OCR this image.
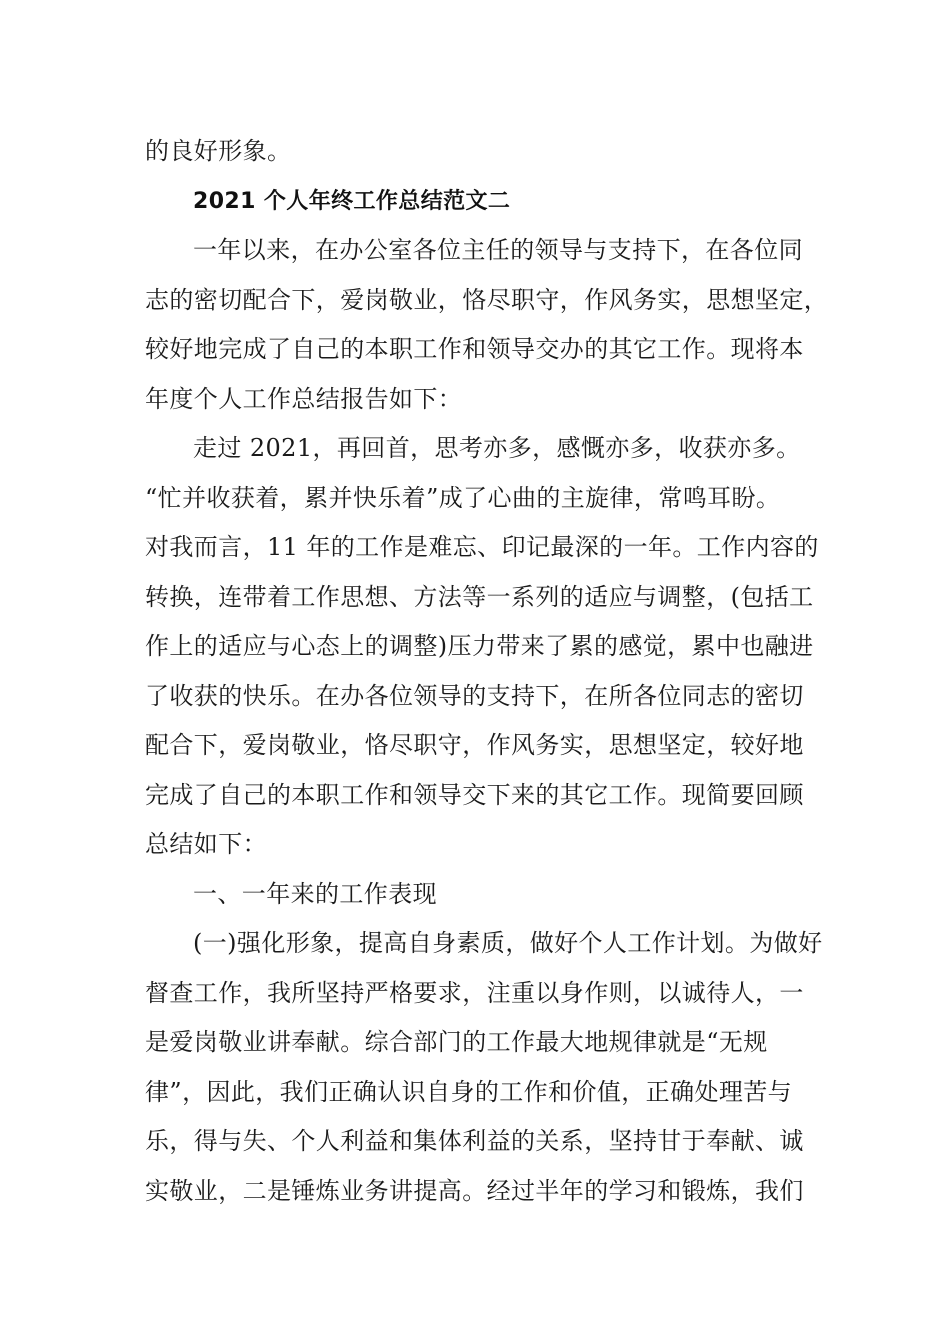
的良好形象。
2021 个人年终工作总结范文二
一年以来，在办公室各位主任的领导与支持下，在各位同
志的密切配合下，爱岗敬业，恪尽职守，作风务实，思想坚定，
较好地完成了自己的本职工作和领导交办的其它工作。现将本
年度个人工作总结报告如下：
走过 2021，再回首，思考亦多，感慨亦多，收获亦多。
“忙并收获着，累并快乐着”成了心曲的主旋律，常鸣耳盼。
对我而言，11 年的工作是难忘、印记最深的一年。工作内容的
转换，连带着工作思想、方法等一系列的适应与调整，(包括工
作上的适应与心态上的调整)压力带来了累的感觉，累中也融进
了收获的快乐。在办各位领导的支持下，在所各位同志的密切
配合下，爱岗敬业，恪尽职守，作风务实，思想坚定，较好地
完成了自己的本职工作和领导交下来的其它工作。现简要回顾
总结如下：
一、一年来的工作表现
(一)强化形象，提高自身素质，做好个人工作计划。为做好
督查工作，我所坚持严格要求，注重以身作则，以诚待人，一
是爱岗敬业讲奉献。综合部门的工作最大地规律就是“无规
律”，因此，我们正确认识自身的工作和价值，正确处理苦与
乐，得与失、个人利益和集体利益的关系，坚持甘于奉献、诚
实敬业，二是锤炼业务讲提高。经过半年的学习和锻炼，我们
